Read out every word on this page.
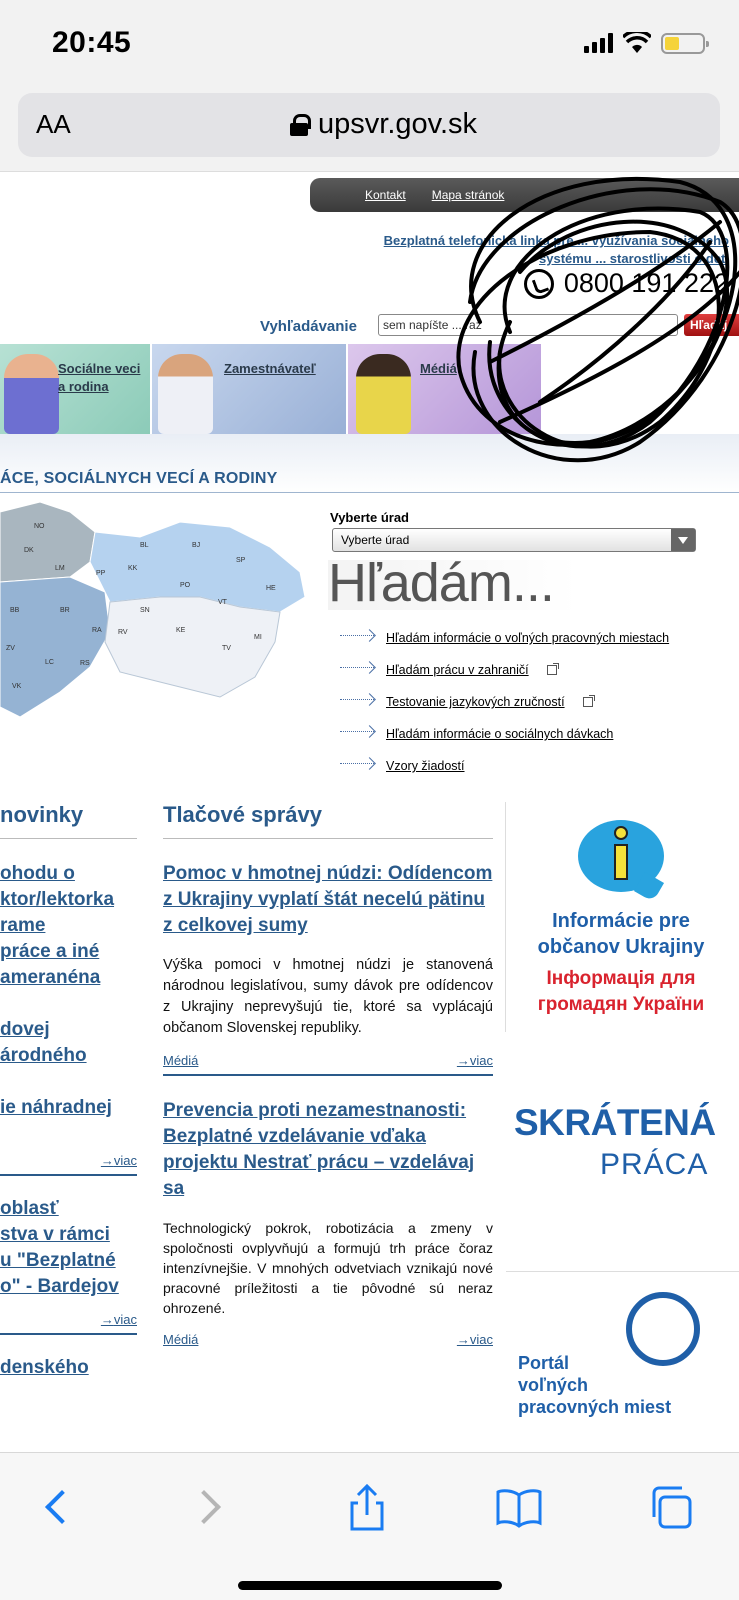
20:45
AA	upsvr.gov.sk
Kontakt Mapa stránok
Bezplatná telefonická linka pre ... využívania sociálneho
systému ... starostlivosti o deti
0800 191 222
Vyhľadávanie
sem napíšte ... raz	Hľadaj
Sociálne veci
a rodina
Zamestnávateľ	Médiá
ÁCE, SOCIÁLNYCH VECÍ A RODINY
NO
DK
LM
BB	BR
ZV
LC
VK
RA
RS
BL
KK
BJ
SP
PP
PO	HE
VT
SN
KE
RV
TV
MI
Vyberte úrad
Vyberte úrad
Hľadám...
Hľadám informácie o voľných pracovných miestach
Hľadám prácu v zahraničí
Testovanie jazykových zručností
Hľadám informácie o sociálnych dávkach
Vzory žiadostí
novinky
ohodu o
ktor/lektorka
rame
práce a iné
ameranéna
dovej
árodného
ie náhradnej
→viac
oblasť
stva v rámci
u "Bezplatné
o" - Bardejov
→viac
denského
Tlačové správy
Pomoc v hmotnej núdzi: Odídencom z Ukrajiny vyplatí štát necelú pätinu z celkovej sumy
Výška pomoci v hmotnej núdzi je stanovená národnou legislatívou, sumy dávok pre odídencov z Ukrajiny neprevyšujú tie, ktoré sa vyplácajú občanom Slovenskej republiky.
Médiá	→viac
Prevencia proti nezamestnanosti: Bezplatné vzdelávanie vďaka projektu Nestrať prácu – vzdelávaj sa
Technologický pokrok, robotizácia a zmeny v spoločnosti ovplyvňujú a formujú trh práce čoraz intenzívnejšie. V mnohých odvetviach vznikajú nové pracovné príležitosti a tie pôvodné sú neraz ohrozené.
Médiá	→viac
Informácie pre
občanov Ukrajiny
Інформація для
громадян України
SKRÁTENÁ
PRÁCA
Portál
voľných
pracovných miest
